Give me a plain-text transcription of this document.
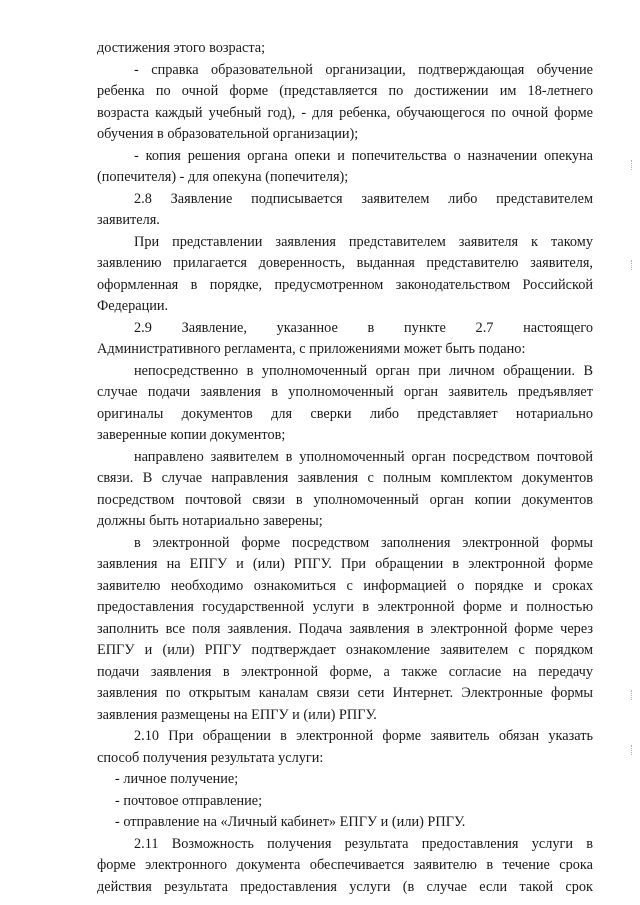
достижения этого возраста;
- справка образовательной организации, подтверждающая обучение
ребенка по очной форме (представляется по достижении им 18-летнего
возраста каждый учебный год), - для ребенка, обучающегося по очной форме
обучения в образовательной организации);
- копия решения органа опеки и попечительства о назначении опекуна
(попечителя) - для опекуна (попечителя);
2.8 Заявление подписывается заявителем либо представителем
заявителя.
При представлении заявления представителем заявителя к такому
заявлению прилагается доверенность, выданная представителю заявителя,
оформленная в порядке, предусмотренном законодательством Российской
Федерации.
2.9 Заявление, указанное в пункте 2.7 настоящего
Административного регламента, с приложениями может быть подано:
непосредственно в уполномоченный орган при личном обращении. В
случае подачи заявления в уполномоченный орган заявитель предъявляет
оригиналы документов для сверки либо представляет нотариально
заверенные копии документов;
направлено заявителем в уполномоченный орган посредством почтовой
связи. В случае направления заявления с полным комплектом документов
посредством почтовой связи в уполномоченный орган копии документов
должны быть нотариально заверены;
в электронной форме посредством заполнения электронной формы
заявления на ЕПГУ и (или) РПГУ. При обращении в электронной форме
заявителю необходимо ознакомиться с информацией о порядке и сроках
предоставления государственной услуги в электронной форме и полностью
заполнить все поля заявления. Подача заявления в электронной форме через
ЕПГУ и (или) РПГУ подтверждает ознакомление заявителем с порядком
подачи заявления в электронной форме, а также согласие на передачу
заявления по открытым каналам связи сети Интернет. Электронные формы
заявления размещены на ЕПГУ и (или) РПГУ.
2.10 При обращении в электронной форме заявитель обязан указать
способ получения результата услуги:
- личное получение;
- почтовое отправление;
- отправление на «Личный кабинет» ЕПГУ и (или) РПГУ.
2.11 Возможность получения результата предоставления услуги в
форме электронного документа обеспечивается заявителю в течение срока
действия результата предоставления услуги (в случае если такой срок
